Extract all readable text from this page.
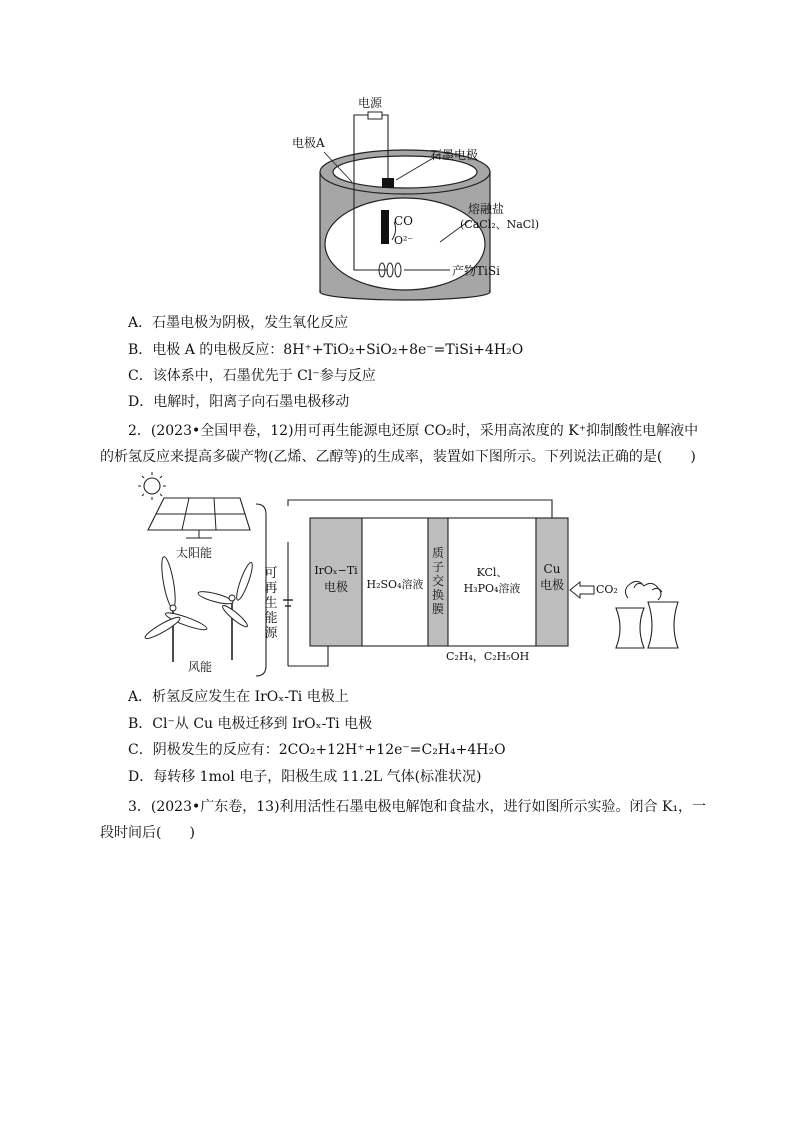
电源
电极A
石墨电极
熔融盐
(CaCl₂、NaCl)
CO
O²⁻
产物TiSi
A．石墨电极为阴极，发生氧化反应
B．电极 A 的电极反应：8H⁺+TiO₂+SiO₂+8e⁻=TiSi+4H₂O
C．该体系中，石墨优先于 Cl⁻参与反应
D．电解时，阳离子向石墨电极移动
2．(2023•全国甲卷，12)用可再生能源电还原 CO₂时，采用高浓度的 K⁺抑制酸性电解液中的析氢反应来提高多碳产物(乙烯、乙醇等)的生成率，装置如下图所示。下列说法正确的是(　　)
太阳能
风能
可再生能源
IrOₓ−Ti
电极	H₂SO₄溶液
质子交换膜
KCl、
H₃PO₄溶液
Cu
电极	CO₂
C₂H₄，C₂H₅OH
A．析氢反应发生在 IrOₓ-Ti 电极上
B．Cl⁻从 Cu 电极迁移到 IrOₓ-Ti 电极
C．阴极发生的反应有：2CO₂+12H⁺+12e⁻=C₂H₄+4H₂O
D．每转移 1mol 电子，阳极生成 11.2L 气体(标准状况)
3．(2023•广东卷，13)利用活性石墨电极电解饱和食盐水，进行如图所示实验。闭合 K₁，一段时间后(　　)
